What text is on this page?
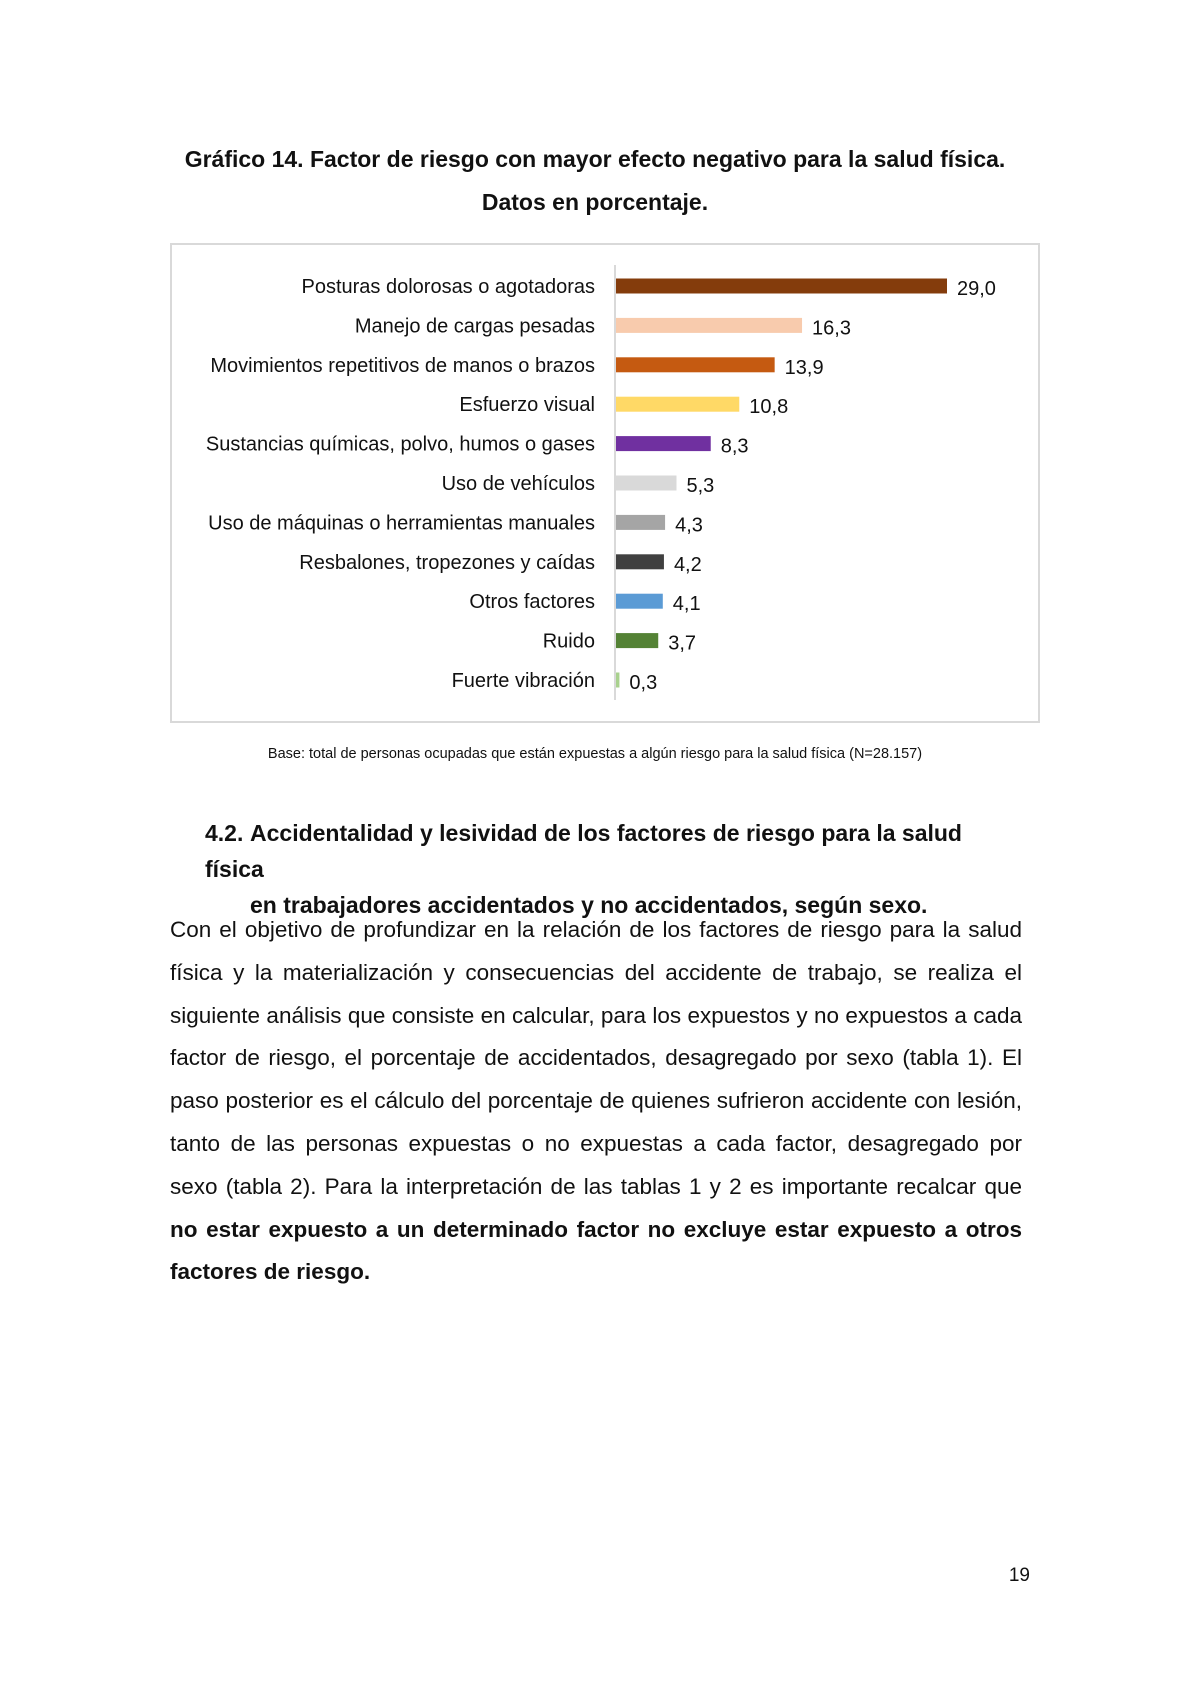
Gráfico 14. Factor de riesgo con mayor efecto negativo para la salud física.
Datos en porcentaje.
Posturas dolorosas o agotadoras	29,0
Manejo de cargas pesadas	16,3
Movimientos repetitivos de manos o brazos	13,9
Esfuerzo visual	10,8
Sustancias químicas, polvo, humos o gases	8,3
Uso de vehículos	5,3
Uso de máquinas o herramientas manuales	4,3
Resbalones, tropezones y caídas	4,2
Otros factores	4,1
Ruido	3,7
Fuerte vibración 0,3

Base: total de personas ocupadas que están expuestas a algún riesgo para la salud física (N=28.157)

4.2. Accidentalidad y lesividad de los factores de riesgo para la salud física
en trabajadores accidentados y no accidentados, según sexo.

Con el objetivo de profundizar en la relación de los factores de riesgo para la salud física y la materialización y consecuencias del accidente de trabajo, se realiza el siguiente análisis que consiste en calcular, para los expuestos y no expuestos a cada factor de riesgo, el porcentaje de accidentados, desagregado por sexo (tabla 1). El paso posterior es el cálculo del porcentaje de quienes sufrieron accidente con lesión, tanto de las personas expuestas o no expuestas a cada factor, desagregado por sexo (tabla 2). Para la interpretación de las tablas 1 y 2 es importante recalcar que no estar expuesto a un determinado factor no excluye estar expuesto a otros factores de riesgo.

19
